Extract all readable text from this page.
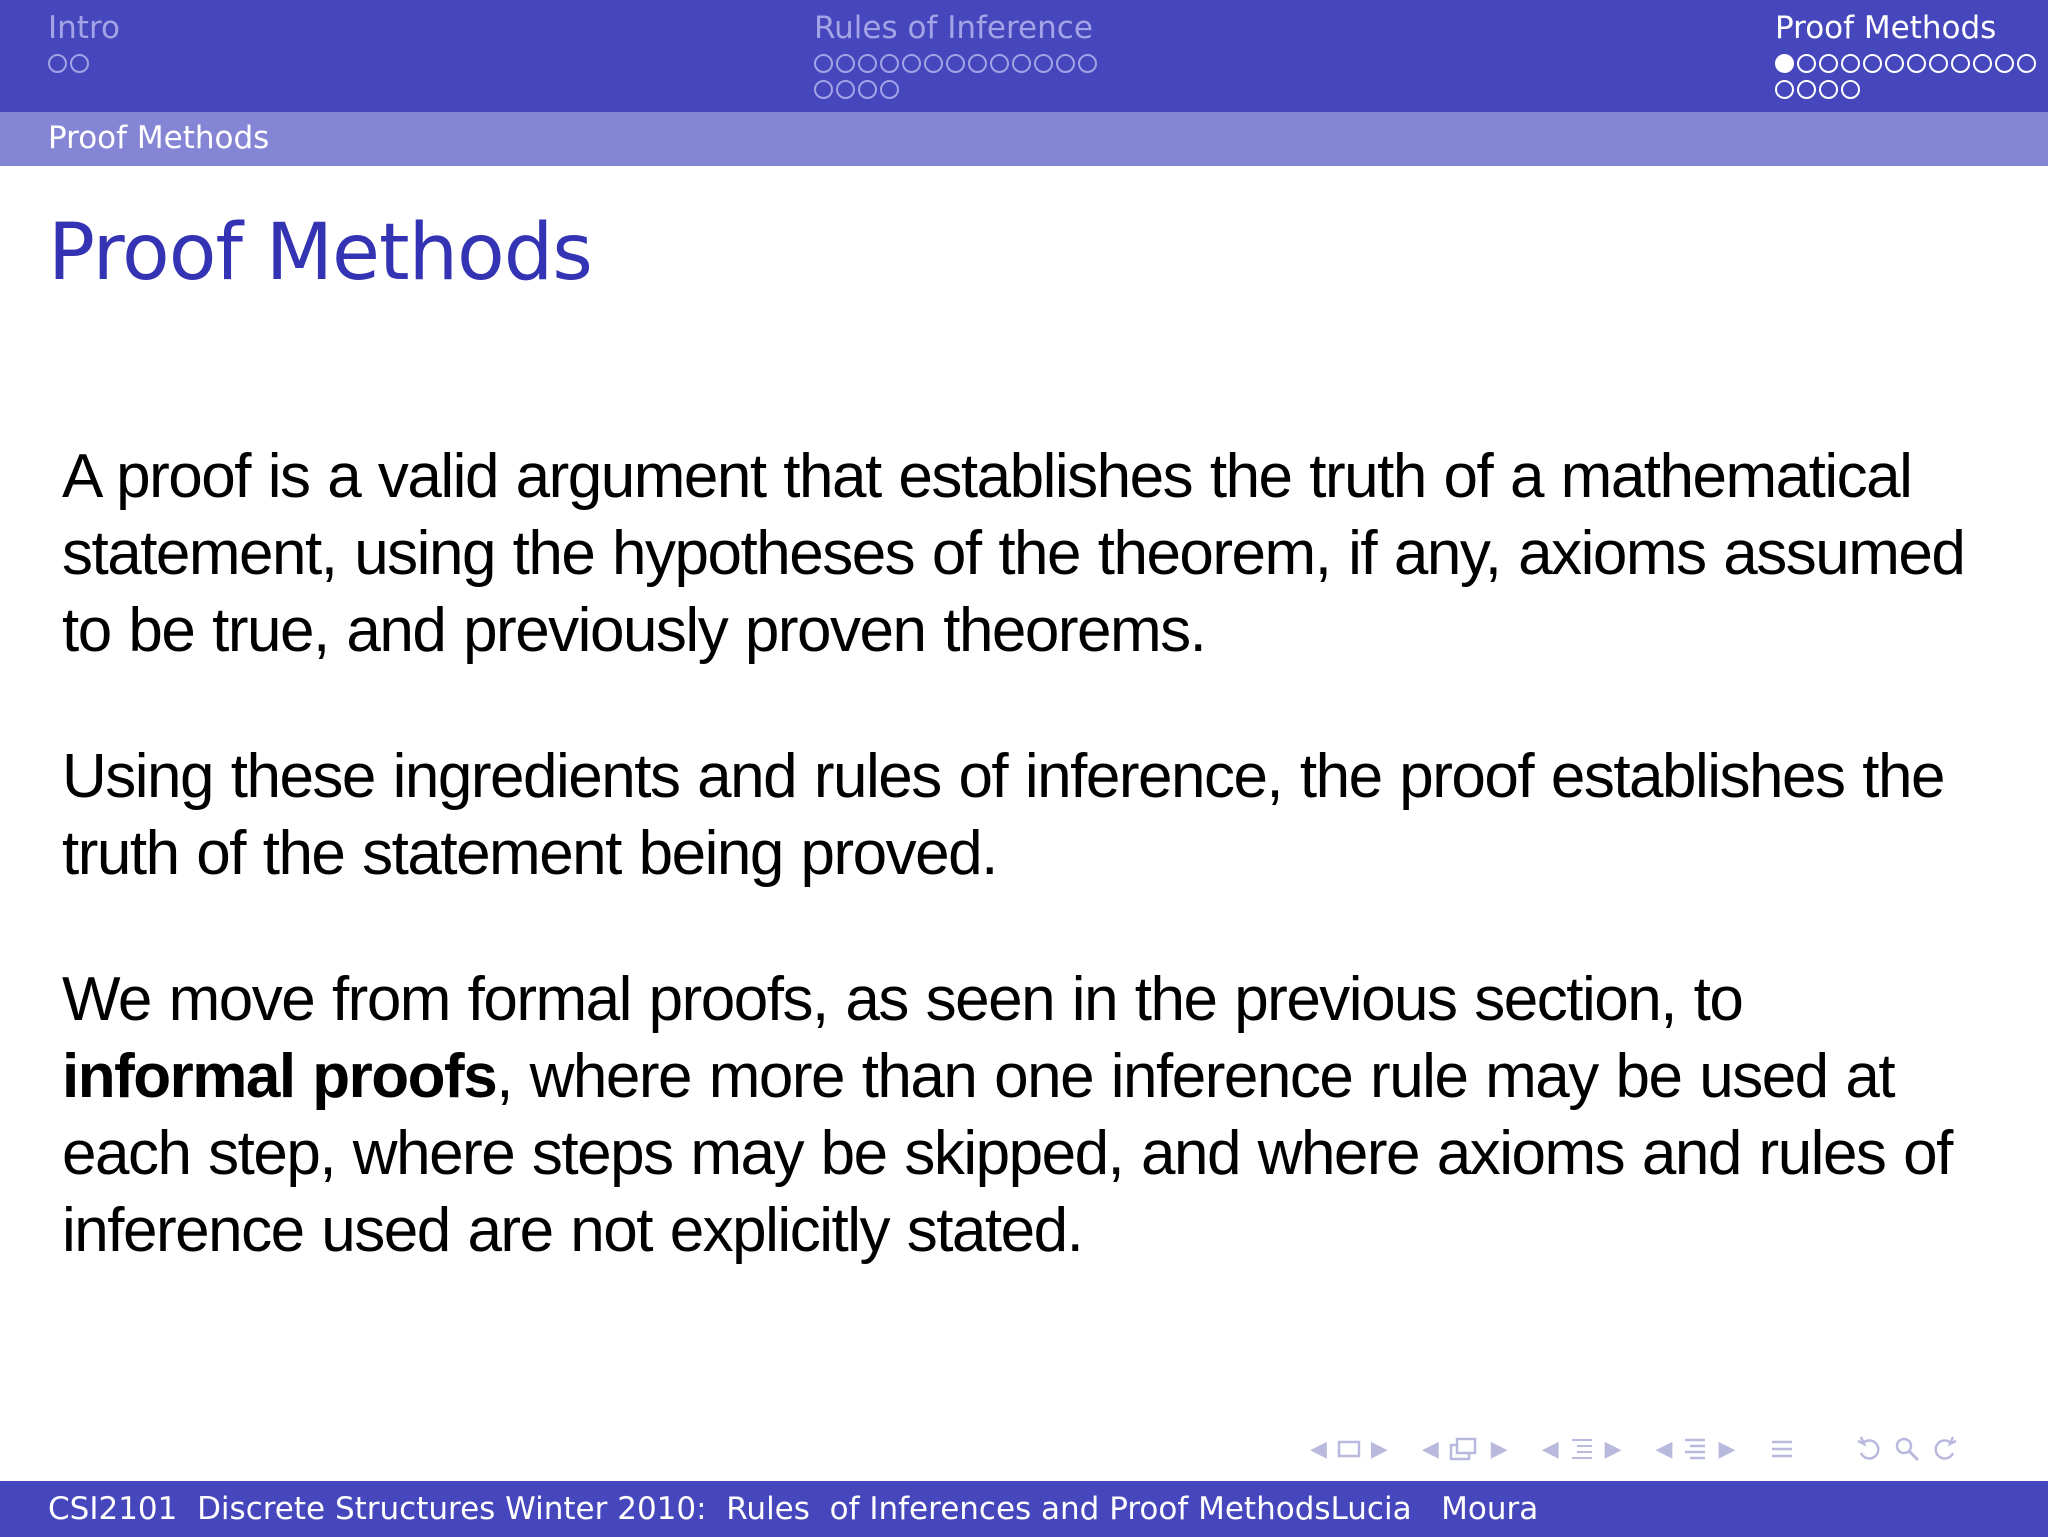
Intro	Rules of Inference	Proof Methods
Proof Methods
Proof Methods

A proof is a valid argument that establishes the truth of a mathematical statement, using the hypotheses of the theorem, if any, axioms assumed to be true, and previously proven theorems.

Using these ingredients and rules of inference, the proof establishes the truth of the statement being proved.

We move from formal proofs, as seen in the previous section, to informal proofs, where more than one inference rule may be used at each step, where steps may be skipped, and where axioms and rules of inference used are not explicitly stated.

◀ ▶ ◀ ▶ ◀ ▶ ◀ ▶
CSI2101  Discrete Structures Winter 2010:  Rules  of Inferences and Proof MethodsLucia   Moura
